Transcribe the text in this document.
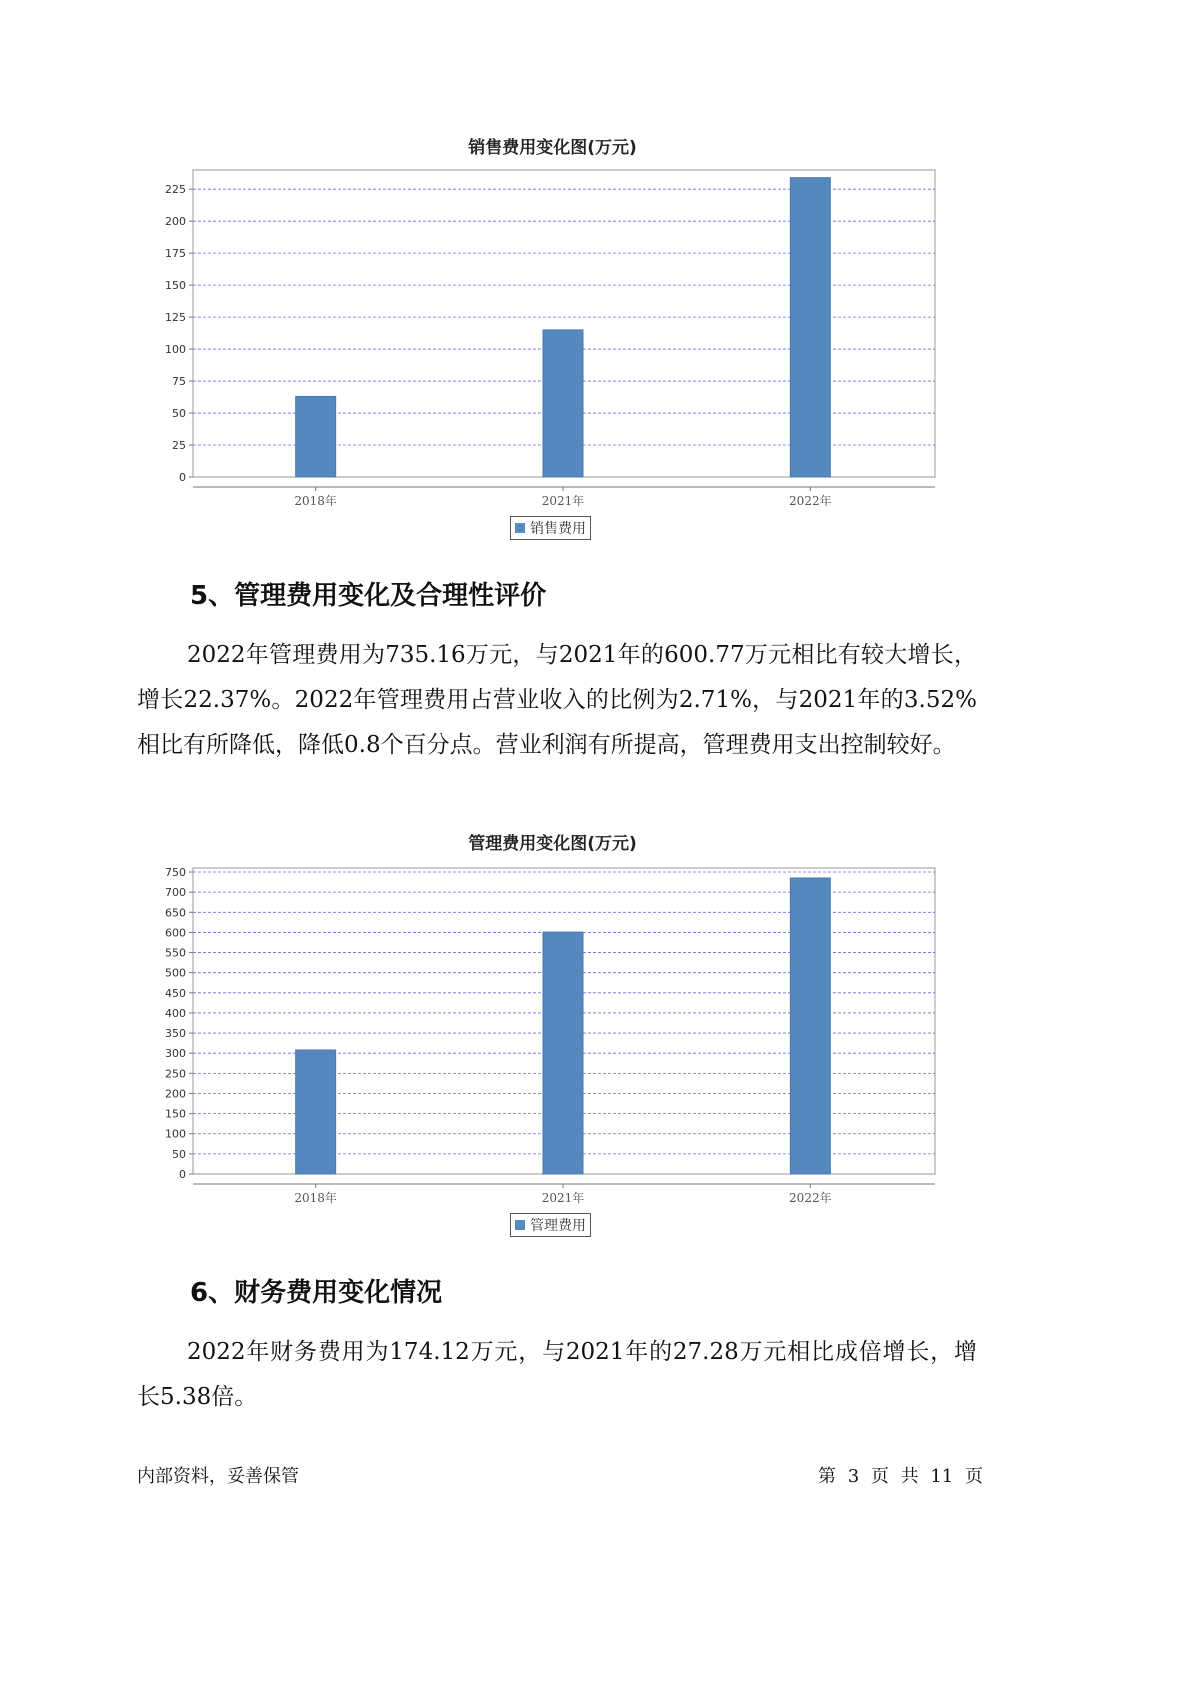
销售费用变化图(万元)
0
25
50
75
100
125
150
175
200
225
2018年	2021年	2022年
销售费用
5、管理费用变化及合理性评价

2022年管理费用为735.16万元，与2021年的600.77万元相比有较大增长，增长22.37%。2022年管理费用占营业收入的比例为2.71%，与2021年的3.52%相比有所降低，降低0.8个百分点。营业利润有所提高，管理费用支出控制较好。

管理费用变化图(万元)
0
50
100
150
200
250
300
350
400
450
500
550
600
650
700
750
2018年	2021年	2022年
管理费用
6、财务费用变化情况

2022年财务费用为174.12万元，与2021年的27.28万元相比成倍增长，增长5.38倍。

内部资料，妥善保管	第 3 页 共 11 页
